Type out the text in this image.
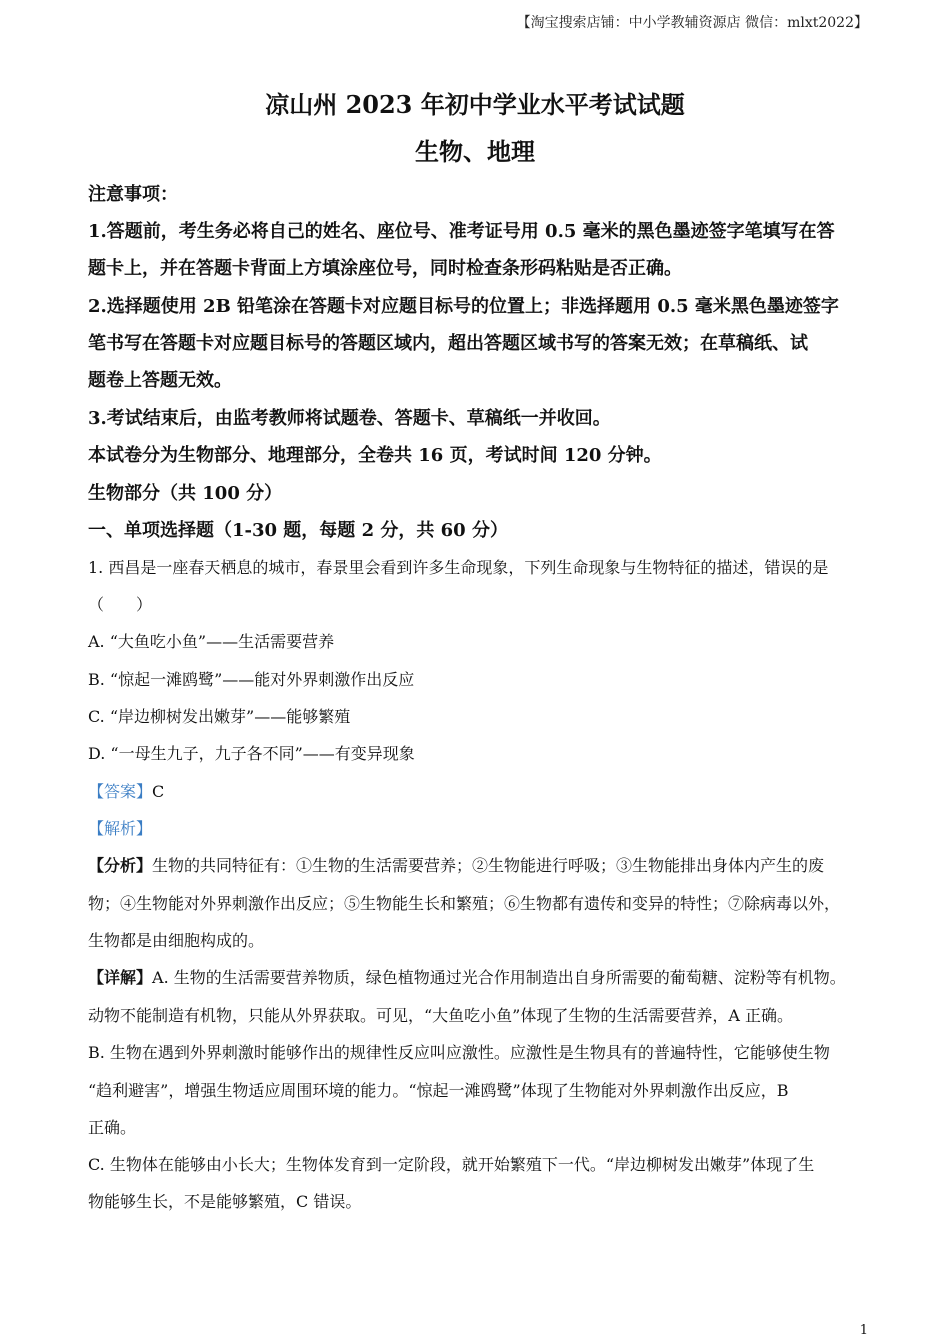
【淘宝搜索店铺：中小学教辅资源店 微信：mlxt2022】
凉山州 2023 年初中学业水平考试试题
生物、地理
注意事项：
1.答题前，考生务必将自己的姓名、座位号、准考证号用 0.5 毫米的黑色墨迹签字笔填写在答
题卡上，并在答题卡背面上方填涂座位号，同时检查条形码粘贴是否正确。
2.选择题使用 2B 铅笔涂在答题卡对应题目标号的位置上；非选择题用 0.5 毫米黑色墨迹签字
笔书写在答题卡对应题目标号的答题区域内，超出答题区域书写的答案无效；在草稿纸、试
题卷上答题无效。
3.考试结束后，由监考教师将试题卷、答题卡、草稿纸一并收回。
本试卷分为生物部分、地理部分，全卷共 16 页，考试时间 120 分钟。
生物部分（共 100 分）
一、单项选择题（1-30 题，每题 2 分，共 60 分）
1. 西昌是一座春天栖息的城市，春景里会看到许多生命现象，下列生命现象与生物特征的描述，错误的是
（　　）
A. “大鱼吃小鱼”——生活需要营养
B. “惊起一滩鸥鹭”——能对外界刺激作出反应
C. “岸边柳树发出嫩芽”——能够繁殖
D. “一母生九子，九子各不同”——有变异现象
【答案】C
【解析】
【分析】生物的共同特征有：①生物的生活需要营养；②生物能进行呼吸；③生物能排出身体内产生的废
物；④生物能对外界刺激作出反应；⑤生物能生长和繁殖；⑥生物都有遗传和变异的特性；⑦除病毒以外，
生物都是由细胞构成的。
【详解】A. 生物的生活需要营养物质，绿色植物通过光合作用制造出自身所需要的葡萄糖、淀粉等有机物。
动物不能制造有机物，只能从外界获取。可见，“大鱼吃小鱼”体现了生物的生活需要营养，A 正确。
B. 生物在遇到外界刺激时能够作出的规律性反应叫应激性。应激性是生物具有的普遍特性，它能够使生物
“趋利避害”，增强生物适应周围环境的能力。“惊起一滩鸥鹭”体现了生物能对外界刺激作出反应，B
正确。
C. 生物体在能够由小长大；生物体发育到一定阶段，就开始繁殖下一代。“岸边柳树发出嫩芽”体现了生
物能够生长，不是能够繁殖，C 错误。
1
